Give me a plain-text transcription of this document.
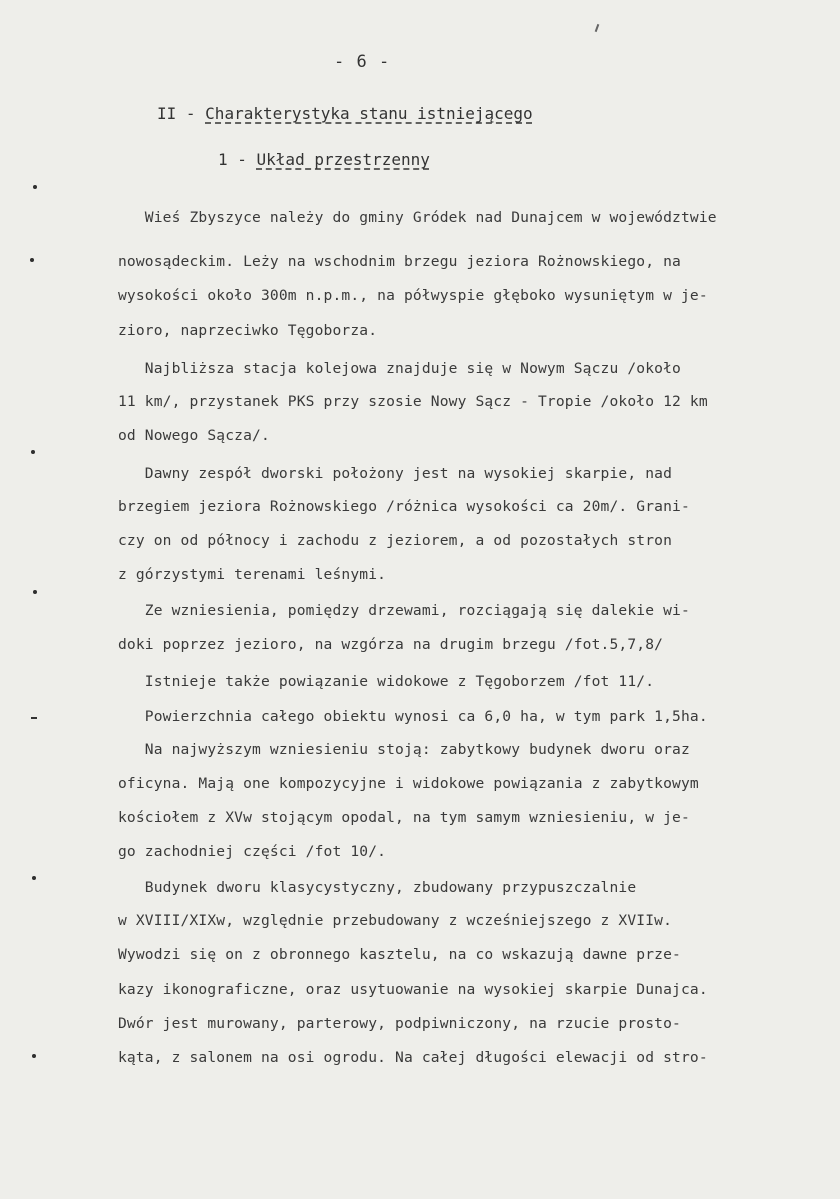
- 6 -
II - Charakterystyka stanu istniejącego
1 - Układ przestrzenny
Wieś Zbyszyce należy do gminy Gródek nad Dunajcem w województwie
nowosądeckim. Leży na wschodnim brzegu jeziora Rożnowskiego, na
wysokości około 300m n.p.m., na półwyspie głęboko wysuniętym w je-
ziorо, naprzeciwko Tęgoborza.
Najbliższa stacja kolejowa znajduje się w Nowym Sączu /około
11 km/, przystanek PKS przy szosie Nowy Sącz - Tropie /około 12 km
od Nowego Sącza/.
Dawny zespół dworski położony jest na wysokiej skarpie, nad
brzegiem jeziora Rożnowskiego /różnica wysokości ca 20m/. Grani-
czy on od północy i zachodu z jeziorem, a od pozostałych stron
z górzystymi terenami leśnymi.
Ze wzniesienia, pomiędzy drzewami, rozciągają się dalekie wi-
doki poprzez jezioro, na wzgórza na drugim brzegu /fot.5,7,8/
Istnieje także powiązanie widokowe z Tęgoborzem /fot 11/.
Powierzchnia całego obiektu wynosi ca 6,0 ha, w tym park 1,5ha.
Na najwyższym wzniesieniu stoją: zabytkowy budynek dworu oraz
oficyna. Mają one kompozycyjne i widokowe powiązania z zabytkowym
kościołem z XVw stojącym opodal, na tym samym wzniesieniu, w je-
go zachodniej części /fot 10/.
Budynek dworu klasycystyczny, zbudowany przypuszczalnie
w XVIII/XIXw, względnie przebudowany z wcześniejszego z XVIIw.
Wywodzi się on z obronnego kasztelu, na co wskazują dawne prze-
kazy ikonograficzne, oraz usytuowanie na wysokiej skarpie Dunajca.
Dwór jest murowany, parterowy, podpiwniczony, na rzucie prosto-
kąta, z salonem na osi ogrodu. Na całej długości elewacji od stro-
